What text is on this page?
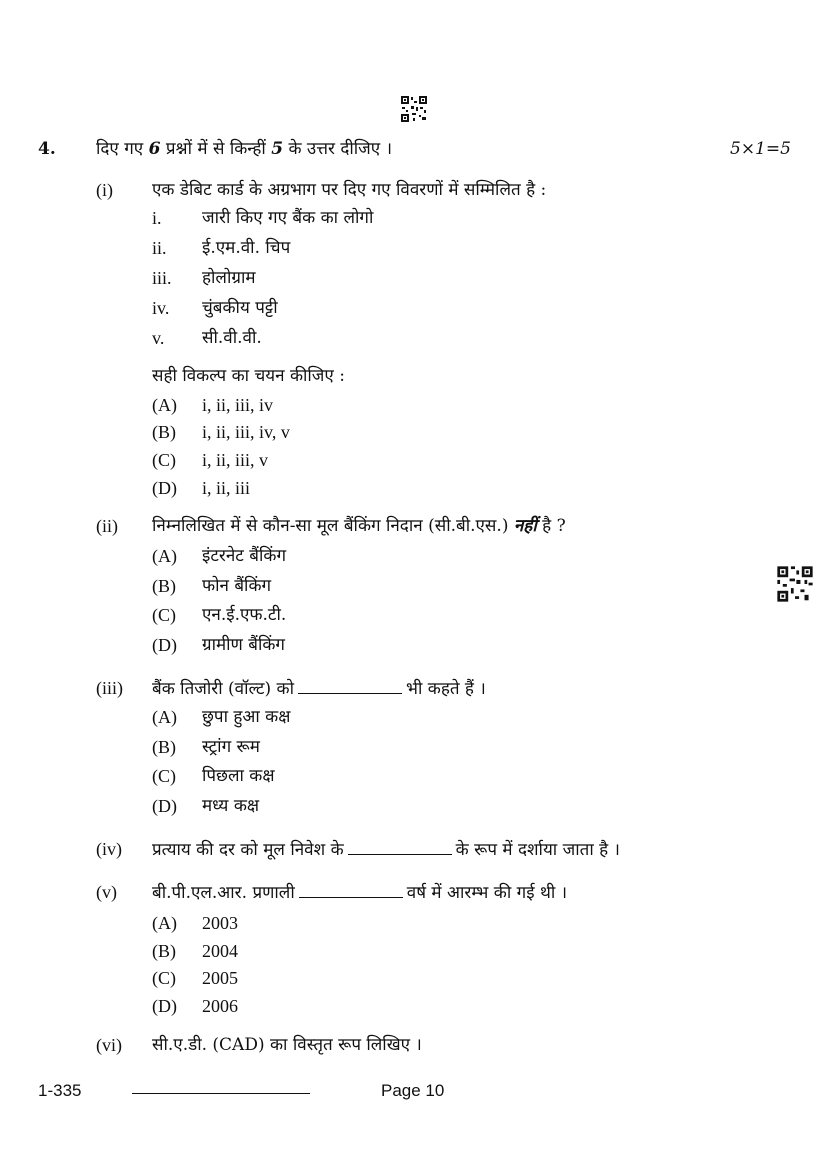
4. दिए गए 6 प्रश्नों में से किन्हीं 5 के उत्तर दीजिए ।	5×1=5
(i) एक डेबिट कार्ड के अग्रभाग पर दिए गए विवरणों में सम्मिलित है :
i. जारी किए गए बैंक का लोगो
ii. ई.एम.वी. चिप
iii. होलोग्राम
iv. चुंबकीय पट्टी
v. सी.वी.वी.
सही विकल्प का चयन कीजिए :
(A) i, ii, iii, iv
(B) i, ii, iii, iv, v
(C) i, ii, iii, v
(D) i, ii, iii
(ii) निम्नलिखित में से कौन-सा मूल बैंकिंग निदान (सी.बी.एस.) नहीं है ?
(A) इंटरनेट बैंकिंग
(B) फोन बैंकिंग
(C) एन.ई.एफ.टी.
(D) ग्रामीण बैंकिंग
(iii) बैंक तिजोरी (वॉल्ट) को	भी कहते हैं ।
(A) छुपा हुआ कक्ष
(B) स्ट्रांग रूम
(C) पिछला कक्ष
(D) मध्य कक्ष
(iv) प्रत्याय की दर को मूल निवेश के	के रूप में दर्शाया जाता है ।
(v) बी.पी.एल.आर. प्रणाली	वर्ष में आरम्भ की गई थी ।
(A) 2003
(B) 2004
(C) 2005
(D) 2006
(vi) सी.ए.डी. (CAD) का विस्तृत रूप लिखिए ।
1-335	Page 10
